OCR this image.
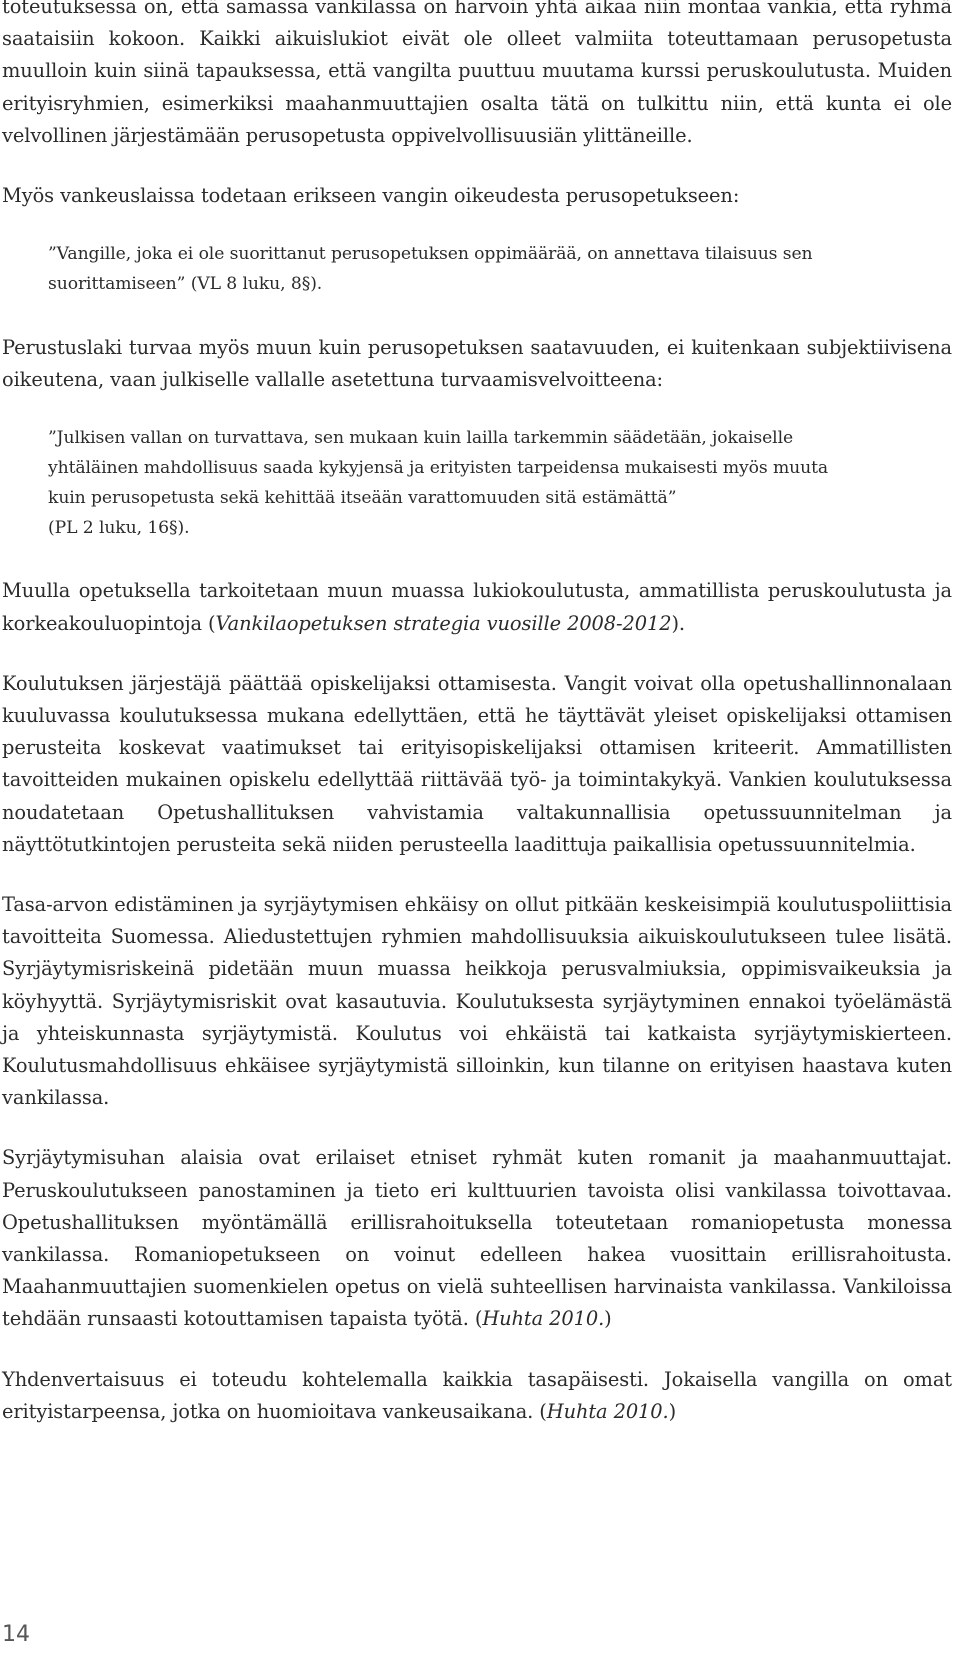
toteutuksessa on, että samassa vankilassa on harvoin yhtä aikaa niin montaa vankia, että ryhmä saataisiin kokoon. Kaikki aikuislukiot eivät ole olleet valmiita toteuttamaan perusopetusta muulloin kuin siinä tapauksessa, että vangilta puuttuu muutama kurssi peruskoulutusta. Muiden erityisryhmien, esimerkiksi maahanmuuttajien osalta tätä on tulkittu niin, että kunta ei ole velvollinen järjestämään perusopetusta oppivelvollisuusiän ylittäneille.

Myös vankeuslaissa todetaan erikseen vangin oikeudesta perusopetukseen:

”Vangille, joka ei ole suorittanut perusopetuksen oppimäärää, on annettava tilaisuus sen suorittamiseen” (VL 8 luku, 8§).

Perustuslaki turvaa myös muun kuin perusopetuksen saatavuuden, ei kuitenkaan subjektiivisena oikeutena, vaan julkiselle vallalle asetettuna turvaamisvelvoitteena:

”Julkisen vallan on turvattava, sen mukaan kuin lailla tarkemmin säädetään, jokaiselle yhtäläinen mahdollisuus saada kykyjensä ja erityisten tarpeidensa mukaisesti myös muuta kuin perusopetusta sekä kehittää itseään varattomuuden sitä estämättä”
(PL 2 luku, 16§).

Muulla opetuksella tarkoitetaan muun muassa lukiokoulutusta, ammatillista peruskoulutusta ja korkeakouluopintoja (Vankilaopetuksen strategia vuosille 2008-2012).

Koulutuksen järjestäjä päättää opiskelijaksi ottamisesta. Vangit voivat olla opetushallinnonalaan kuuluvassa koulutuksessa mukana edellyttäen, että he täyttävät yleiset opiskelijaksi ottamisen perusteita koskevat vaatimukset tai erityisopiskelijaksi ottamisen kriteerit. Ammatillisten tavoitteiden mukainen opiskelu edellyttää riittävää työ- ja toimintakykyä. Vankien koulutuksessa noudatetaan Opetushallituksen vahvistamia valtakunnallisia opetussuunnitelman ja näyttötutkintojen perusteita sekä niiden perusteella laadittuja paikallisia opetussuunnitelmia.

Tasa-arvon edistäminen ja syrjäytymisen ehkäisy on ollut pitkään keskeisimpiä koulutuspoliittisia tavoitteita Suomessa. Aliedustettujen ryhmien mahdollisuuksia aikuiskoulutukseen tulee lisätä. Syrjäytymisriskeinä pidetään muun muassa heikkoja perusvalmiuksia, oppimisvaikeuksia ja köyhyyttä. Syrjäytymisriskit ovat kasautuvia. Koulutuksesta syrjäytyminen ennakoi työelämästä ja yhteiskunnasta syrjäytymistä. Koulutus voi ehkäistä tai katkaista syrjäytymiskierteen. Koulutusmahdollisuus ehkäisee syrjäytymistä silloinkin, kun tilanne on erityisen haastava kuten vankilassa.

Syrjäytymisuhan alaisia ovat erilaiset etniset ryhmät kuten romanit ja maahanmuuttajat. Peruskoulutukseen panostaminen ja tieto eri kulttuurien tavoista olisi vankilassa toivottavaa. Opetushallituksen myöntämällä erillisrahoituksella toteutetaan romaniopetusta monessa vankilassa. Romaniopetukseen on voinut edelleen hakea vuosittain erillisrahoitusta. Maahanmuuttajien suomenkielen opetus on vielä suhteellisen harvinaista vankilassa. Vankiloissa tehdään runsaasti kotouttamisen tapaista työtä. (Huhta 2010.)

Yhdenvertaisuus ei toteudu kohtelemalla kaikkia tasapäisesti. Jokaisella vangilla on omat erityistarpeensa, jotka on huomioitava vankeusaikana. (Huhta 2010.)

14
